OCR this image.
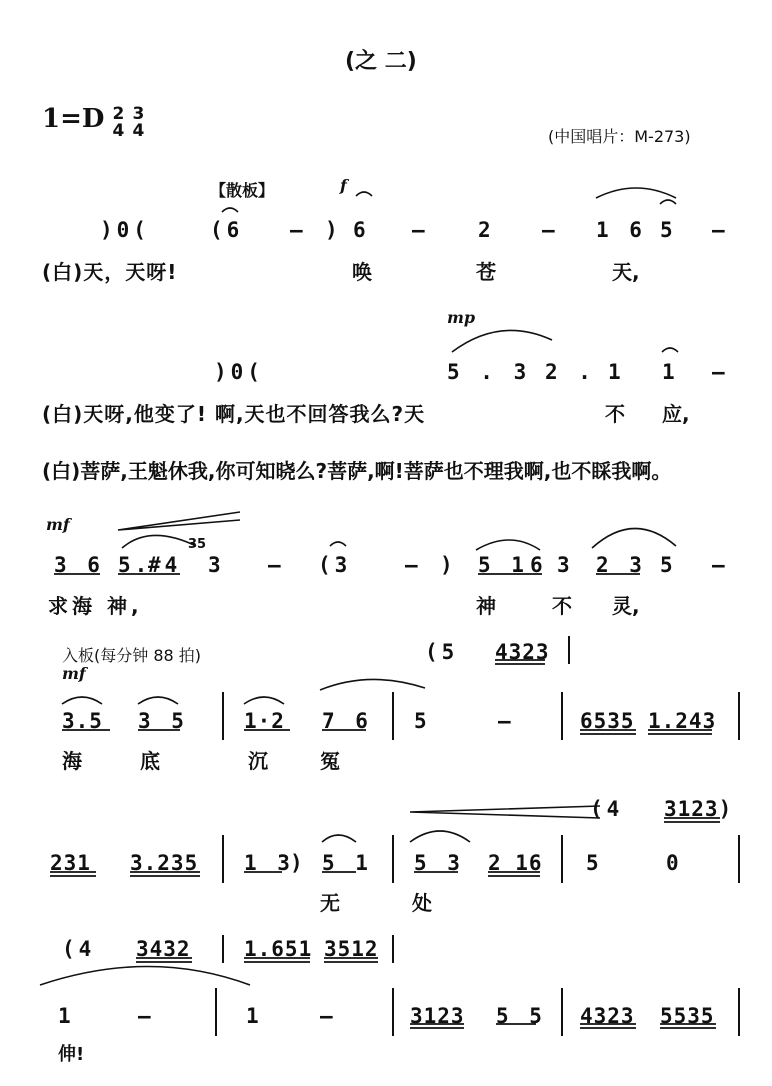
(之 二)
1=D 2
4

3
4	(中国唱片：M-273)
【散板】	f
)0(	(6 – ) 6 – 2 – 1 6 5 –
(白)天，天呀!	唤	苍	天,
mp
)0(	5 . 3 2 . 1 1 –
(白)天呀,他变了! 啊,天也不回答我么?天	不 应,
(白)菩萨,王魁休我,你可知晓么?菩萨,啊!菩萨也不理我啊,也不睬我啊。
mf
3 6 5.
#4
35
3 – (3	– ) 5 1 6 3 2 3 5 –
求海 神,	神	不 灵,
入板(每分钟 88 拍)
mf
(5 4323
3.5 3 5	1·2 7 6 5	–	6535 1.243
海	底	沉	冤
(4 3123)
231 3.235 1 3
) 5 1 5 3 2 16 5	0
无	处
(4 3432	1.651 3512
1	–	1	–	3123 5 5 4323 5535
伸!
